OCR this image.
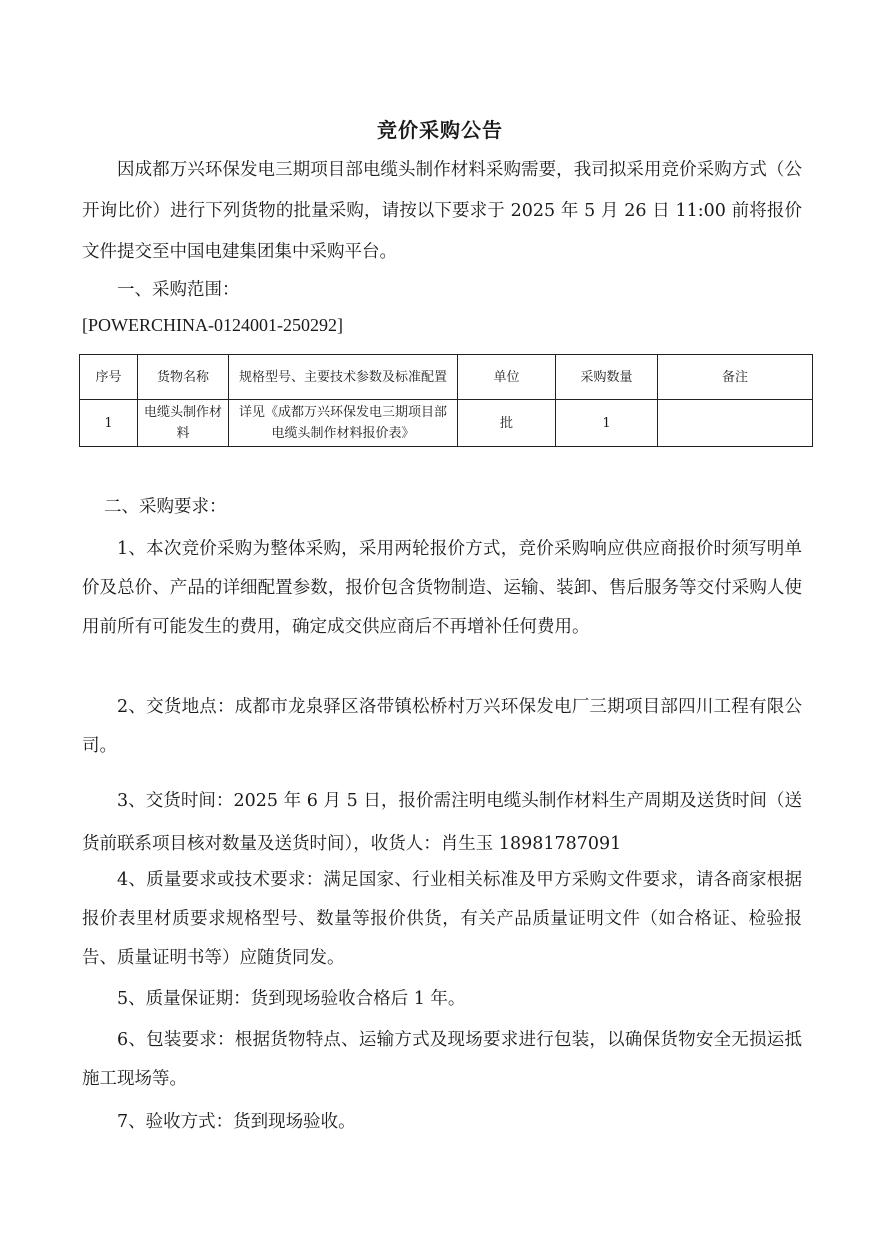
竞价采购公告

因成都万兴环保发电三期项目部电缆头制作材料采购需要，我司拟采用竞价采购方式（公开询比价）进行下列货物的批量采购，请按以下要求于 2025 年 5 月 26 日 11:00 前将报价文件提交至中国电建集团集中采购平台。

一、采购范围：

[POWERCHINA-0124001-250292]
序号	货物名称	规格型号、主要技术参数及标准配置	单位	采购数量	备注
1	电缆头制作材料	详见《成都万兴环保发电三期项目部电缆头制作材料报价表》	批	1	

二、采购要求：

1、本次竞价采购为整体采购，采用两轮报价方式，竞价采购响应供应商报价时须写明单价及总价、产品的详细配置参数，报价包含货物制造、运输、装卸、售后服务等交付采购人使用前所有可能发生的费用，确定成交供应商后不再增补任何费用。

2、交货地点：成都市龙泉驿区洛带镇松桥村万兴环保发电厂三期项目部四川工程有限公司。

3、交货时间：2025 年 6 月 5 日，报价需注明电缆头制作材料生产周期及送货时间（送货前联系项目核对数量及送货时间），收货人：肖生玉 18981787091

4、质量要求或技术要求：满足国家、行业相关标准及甲方采购文件要求，请各商家根据报价表里材质要求规格型号、数量等报价供货，有关产品质量证明文件（如合格证、检验报告、质量证明书等）应随货同发。

5、质量保证期：货到现场验收合格后 1 年。

6、包装要求：根据货物特点、运输方式及现场要求进行包装，以确保货物安全无损运抵施工现场等。

7、验收方式：货到现场验收。
